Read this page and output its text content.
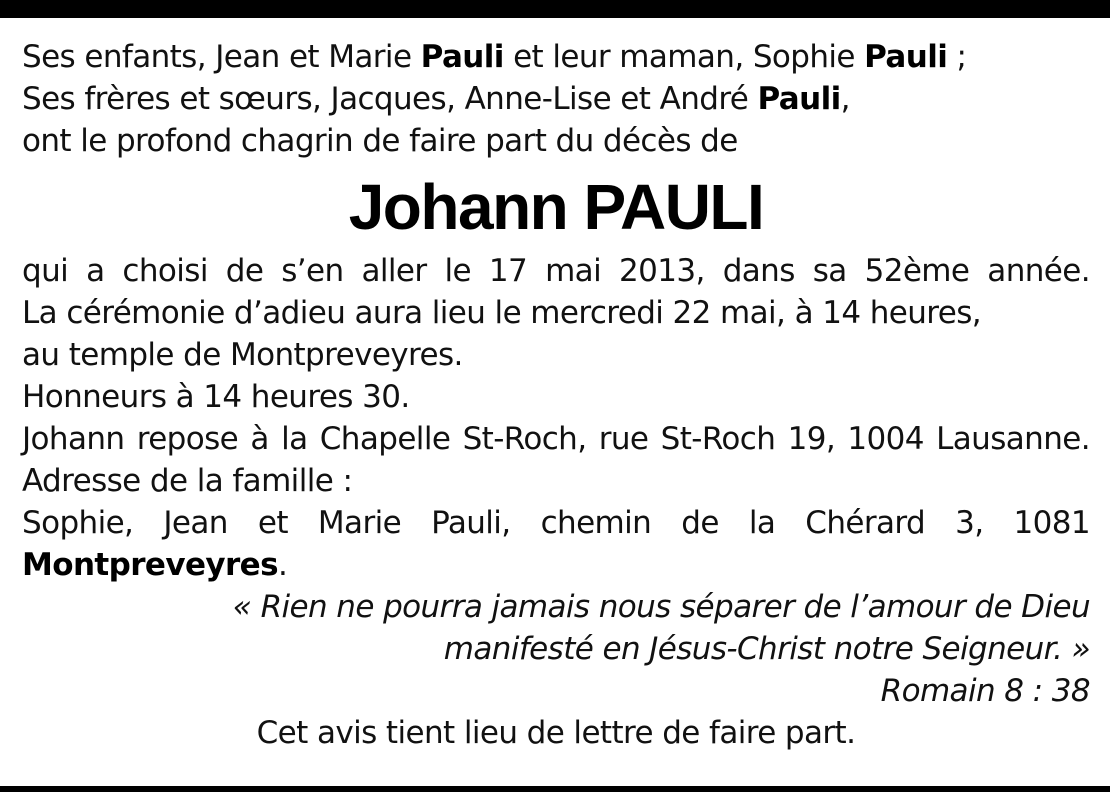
Ses enfants, Jean et Marie Pauli et leur maman, Sophie Pauli ;
Ses frères et sœurs, Jacques, Anne-Lise et André Pauli,
ont le profond chagrin de faire part du décès de
Johann PAULI
qui a choisi de s’en aller le 17 mai 2013, dans sa 52ème année.
La cérémonie d’adieu aura lieu le mercredi 22 mai, à 14 heures,
au temple de Montpreveyres.
Honneurs à 14 heures 30.
Johann repose à la Chapelle St-Roch, rue St-Roch 19, 1004 Lausanne.
Adresse de la famille :
Sophie, Jean et Marie Pauli, chemin de la Chérard 3, 1081
Montpreveyres.
« Rien ne pourra jamais nous séparer de l’amour de Dieu
manifesté en Jésus-Christ notre Seigneur. »
Romain 8 : 38
Cet avis tient lieu de lettre de faire part.
